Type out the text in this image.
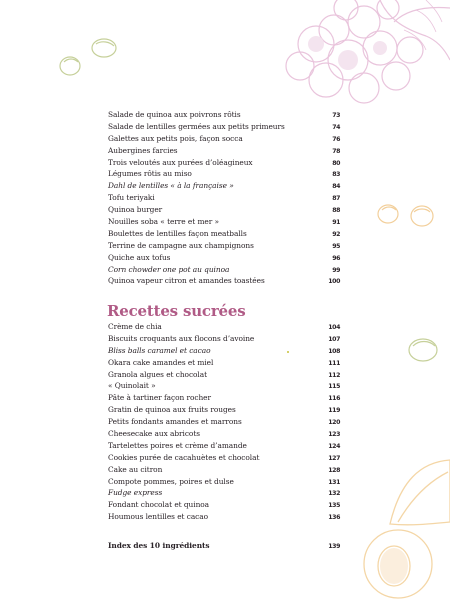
Salade de quinoa aux poivrons rôtis	73
Salade de lentilles germées aux petits primeurs	74
Galettes aux petits pois, façon socca	76
Aubergines farcies	78
Trois veloutés aux purées d’oléagineux	80
Légumes rôtis au miso	83
Dahl de lentilles « à la française »	84
Tofu teriyaki	87
Quinoa burger	88
Nouilles soba « terre et mer »	91
Boulettes de lentilles façon meatballs	92
Terrine de campagne aux champignons	95
Quiche aux tofus	96
Corn chowder one pot au quinoa	99
Quinoa vapeur citron et amandes toastées	100
Recettes sucrées
Crème de chia	104
Biscuits croquants aux flocons d’avoine	107
Bliss balls caramel et cacao	108
Okara cake amandes et miel	111
Granola algues et chocolat	112
« Quinolait »	115
Pâte à tartiner façon rocher	116
Gratin de quinoa aux fruits rouges	119
Petits fondants amandes et marrons	120
Cheesecake aux abricots	123
Tartelettes poires et crème d’amande	124
Cookies purée de cacahuètes et chocolat	127
Cake au citron	128
Compote pommes, poires et dulse	131
Fudge express	132
Fondant chocolat et quinoa	135
Houmous lentilles et cacao	136
Index des 10 ingrédients	139
